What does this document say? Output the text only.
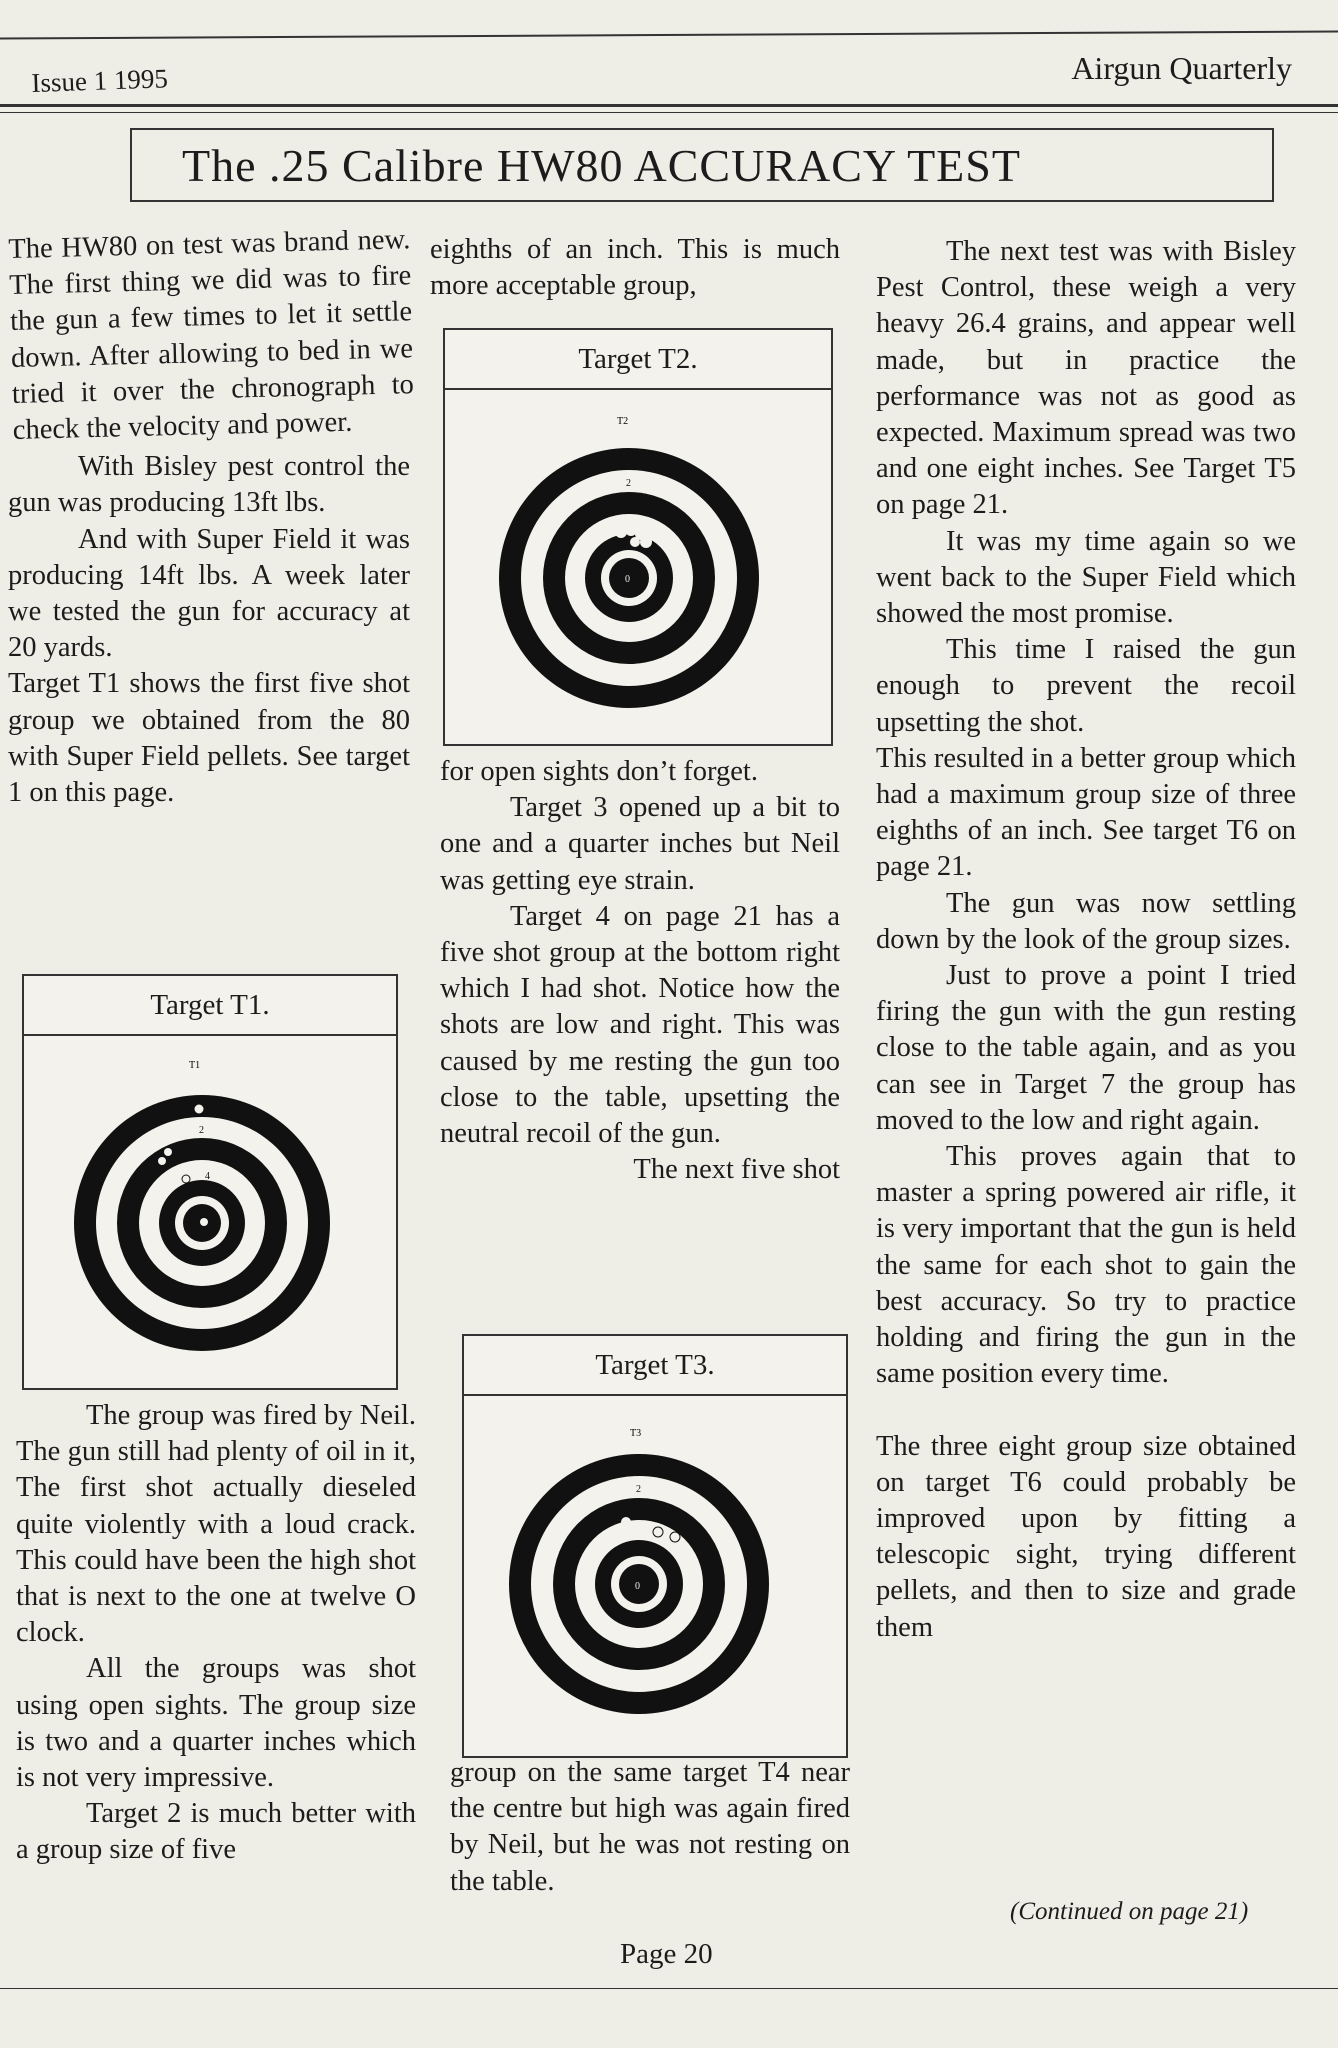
Issue 1 1995	Airgun Quarterly
The .25 Calibre HW80 ACCURACY TEST

The HW80 on test was brand new. The first thing we did was to fire the gun a few times to let it settle down. After allowing to bed in we tried it over the chronograph to check the velocity and power.

With Bisley pest control the gun was producing 13ft lbs.

And with Super Field it was producing 14ft lbs. A week later we tested the gun for accuracy at 20 yards.

Target T1 shows the first five shot group we obtained from the 80 with Super Field pellets. See target 1 on this page.

Target T1.
T1
2
4

The group was fired by Neil. The gun still had plenty of oil in it, The first shot actually dieseled quite violently with a loud crack. This could have been the high shot that is next to the one at twelve O clock.

All the groups was shot using open sights. The group size is two and a quarter inches which is not very impressive.

Target 2 is much better with a group size of five

eighths of an inch. This is much more acceptable group,

Target T2.
T2
2
0

for open sights don’t forget.

Target 3 opened up a bit to one and a quarter inches but Neil was getting eye strain.

Target 4 on page 21 has a five shot group at the bottom right which I had shot. Notice how the shots are low and right. This was caused by me resting the gun too close to the table, upsetting the neutral recoil of the gun.

The next five shot

Target T3.
T3
2
0

group on the same target T4 near the centre but high was again fired by Neil, but he was not resting on the table.

The next test was with Bisley Pest Control, these weigh a very heavy 26.4 grains, and appear well made, but in practice the performance was not as good as expected. Maximum spread was two and one eight inches. See Target T5 on page 21.

It was my time again so we went back to the Super Field which showed the most promise.

This time I raised the gun enough to prevent the recoil upsetting the shot.

This resulted in a better group which had a maximum group size of three eighths of an inch. See target T6 on page 21.

The gun was now settling down by the look of the group sizes.

Just to prove a point I tried firing the gun with the gun resting close to the table again, and as you can see in Target 7 the group has moved to the low and right again.

This proves again that to master a spring powered air rifle, it is very important that the gun is held the same for each shot to gain the best accuracy. So try to practice holding and firing the gun in the same position every time.

The three eight group size obtained on target T6 could probably be improved upon by fitting a telescopic sight, trying different pellets, and then to size and grade them

(Continued on page 21)
Page 20
